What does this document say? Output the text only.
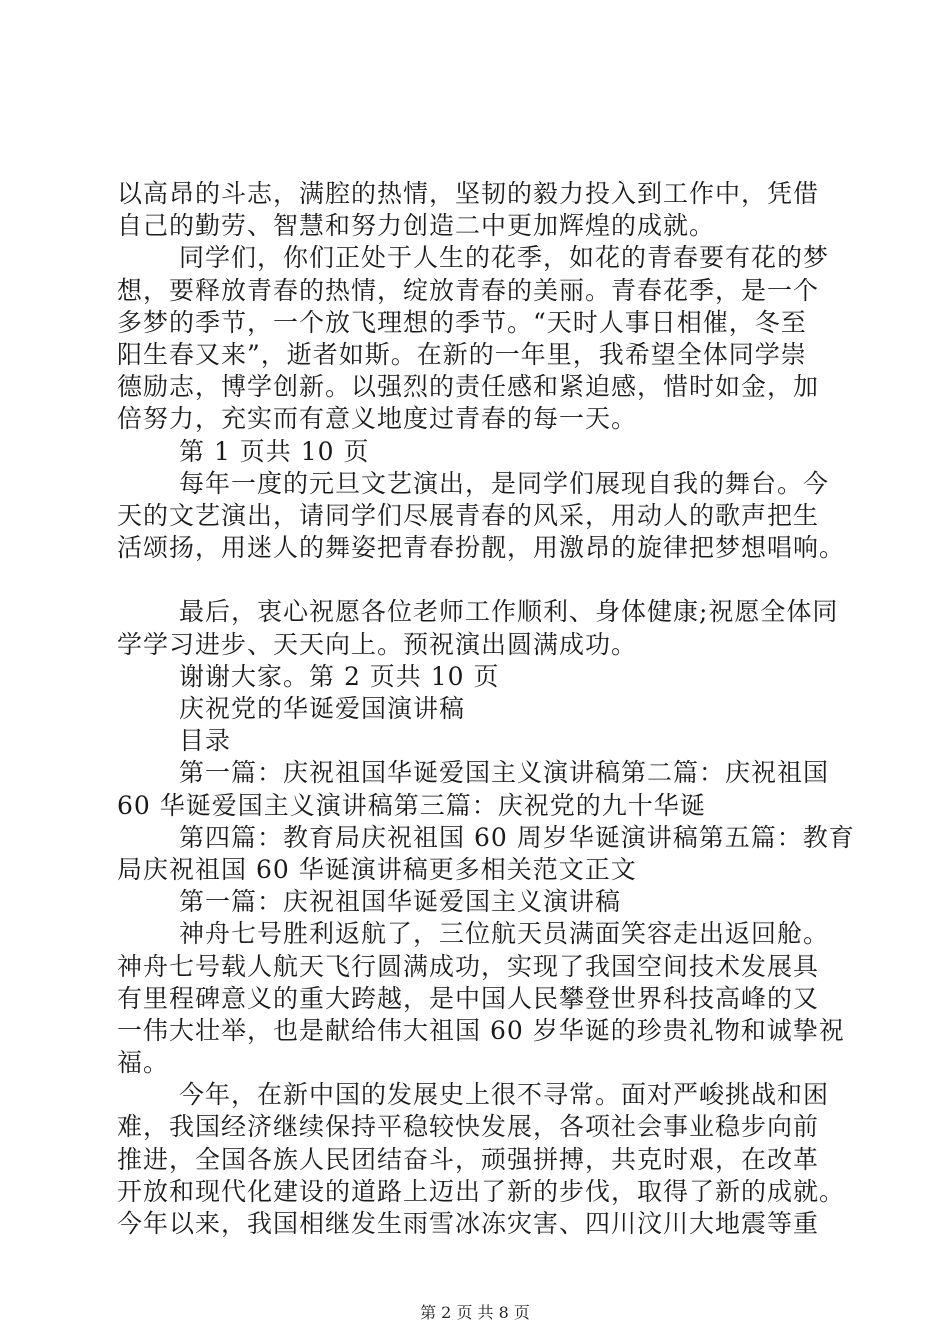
以高昂的斗志，满腔的热情，坚韧的毅力投入到工作中，凭借
自己的勤劳、智慧和努力创造二中更加辉煌的成就。
同学们，你们正处于人生的花季，如花的青春要有花的梦
想，要释放青春的热情，绽放青春的美丽。青春花季，是一个
多梦的季节，一个放飞理想的季节。“天时人事日相催，冬至
阳生春又来”，逝者如斯。在新的一年里，我希望全体同学崇
德励志，博学创新。以强烈的责任感和紧迫感，惜时如金，加
倍努力，充实而有意义地度过青春的每一天。
第 1 页共 10 页
每年一度的元旦文艺演出，是同学们展现自我的舞台。今
天的文艺演出，请同学们尽展青春的风采，用动人的歌声把生
活颂扬，用迷人的舞姿把青春扮靓，用激昂的旋律把梦想唱响。
最后，衷心祝愿各位老师工作顺利、身体健康;祝愿全体同
学学习进步、天天向上。预祝演出圆满成功。
谢谢大家。第 2 页共 10 页
庆祝党的华诞爱国演讲稿
目录
第一篇：庆祝祖国华诞爱国主义演讲稿第二篇：庆祝祖国
60 华诞爱国主义演讲稿第三篇：庆祝党的九十华诞
第四篇：教育局庆祝祖国 60 周岁华诞演讲稿第五篇：教育
局庆祝祖国 60 华诞演讲稿更多相关范文正文
第一篇：庆祝祖国华诞爱国主义演讲稿
神舟七号胜利返航了，三位航天员满面笑容走出返回舱。
神舟七号载人航天飞行圆满成功，实现了我国空间技术发展具
有里程碑意义的重大跨越，是中国人民攀登世界科技高峰的又
一伟大壮举，也是献给伟大祖国 60 岁华诞的珍贵礼物和诚挚祝
福。
今年，在新中国的发展史上很不寻常。面对严峻挑战和困
难，我国经济继续保持平稳较快发展，各项社会事业稳步向前
推进，全国各族人民团结奋斗，顽强拼搏，共克时艰，在改革
开放和现代化建设的道路上迈出了新的步伐，取得了新的成就。
今年以来，我国相继发生雨雪冰冻灾害、四川汶川大地震等重
第 2 页 共 8 页
